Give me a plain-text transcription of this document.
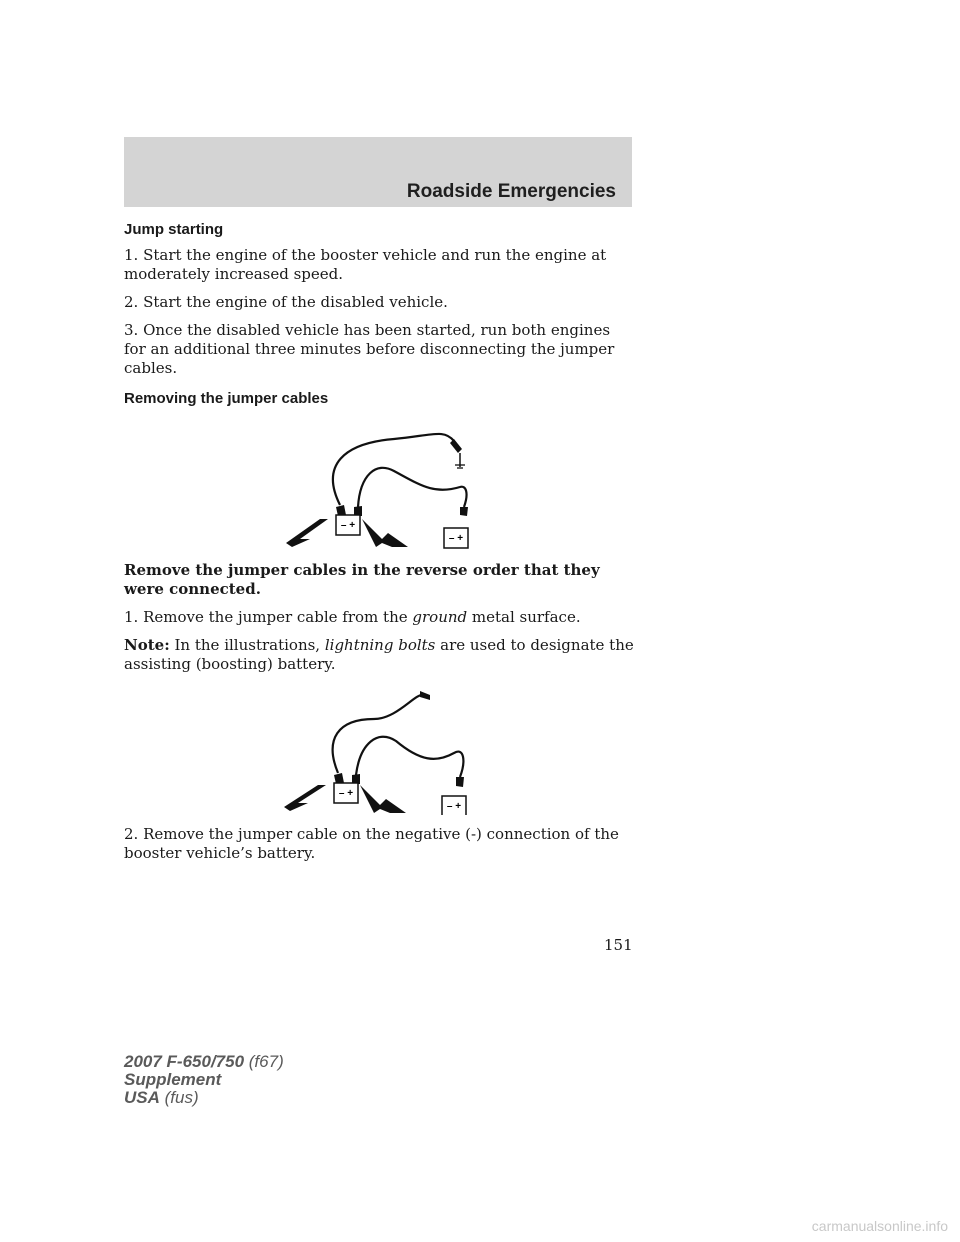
Roadside Emergencies
Jump starting

1. Start the engine of the booster vehicle and run the engine at moderately increased speed.

2. Start the engine of the disabled vehicle.

3. Once the disabled vehicle has been started, run both engines for an additional three minutes before disconnecting the jumper cables.

Removing the jumper cables
– +
– +

Remove the jumper cables in the reverse order that they were connected.

1. Remove the jumper cable from the ground metal surface.

Note: In the illustrations, lightning bolts are used to designate the assisting (boosting) battery.

– +
– +

2. Remove the jumper cable on the negative (-) connection of the booster vehicle’s battery.

151
2007 F-650/750 (f67)
Supplement
USA (fus)
carmanualsonline.info
